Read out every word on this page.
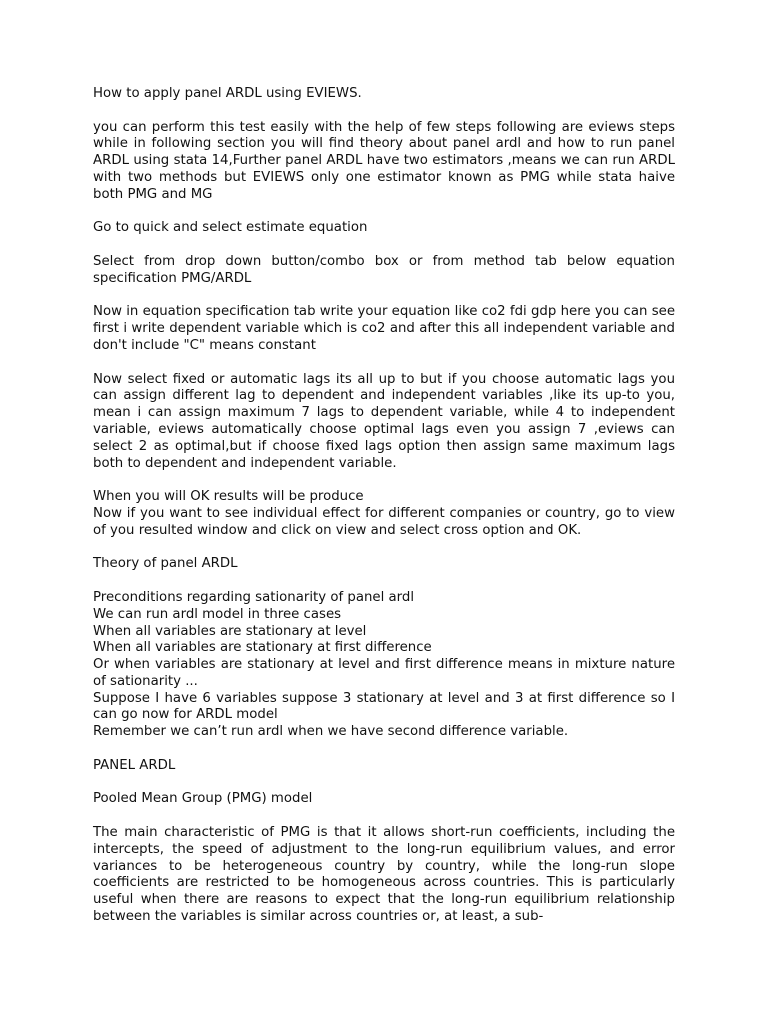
How to apply panel ARDL using EVIEWS.

you can perform this test easily with the help of few steps following are eviews steps while in following section you will find theory about panel ardl and how to run panel ARDL using stata 14,Further panel ARDL have two estimators ,means we can run ARDL with two methods but EVIEWS only one estimator known as PMG while stata haive both PMG and MG

Go to quick and select estimate equation

Select from drop down button/combo box or from method tab below equation specification PMG/ARDL

Now in equation specification tab write your equation like co2 fdi gdp here you can see first i write dependent variable which is co2 and after this all independent variable and don't include "C" means constant

Now select fixed or automatic lags its all up to but if you choose automatic lags you can assign different lag to dependent and independent variables ,like its up-to you, mean i can assign maximum 7 lags to dependent variable, while 4 to independent variable, eviews automatically choose optimal lags even you assign 7 ,eviews can select 2 as optimal,but if choose fixed lags option then assign same maximum lags both to dependent and independent variable.

When you will OK results will be produce
Now if you want to see individual effect for different companies or country, go to view of you resulted window and click on view and select cross option and OK.

Theory of panel ARDL

Preconditions regarding sationarity of panel ardl
We can run ardl model in three cases
When all variables are stationary at level
When all variables are stationary at first difference
Or when variables are stationary at level and first difference means in mixture nature of sationarity ...
Suppose I have 6 variables suppose 3 stationary at level and 3 at first difference so I can go now for ARDL model
Remember we can’t run ardl when we have second difference variable.

PANEL ARDL

Pooled Mean Group (PMG) model

The main characteristic of PMG is that it allows short-run coefficients, including the intercepts, the speed of adjustment to the long-run equilibrium values, and error variances to be heterogeneous country by country, while the long-run slope coefficients are restricted to be homogeneous across countries. This is particularly useful when there are reasons to expect that the long-run equilibrium relationship between the variables is similar across countries or, at least, a sub-
